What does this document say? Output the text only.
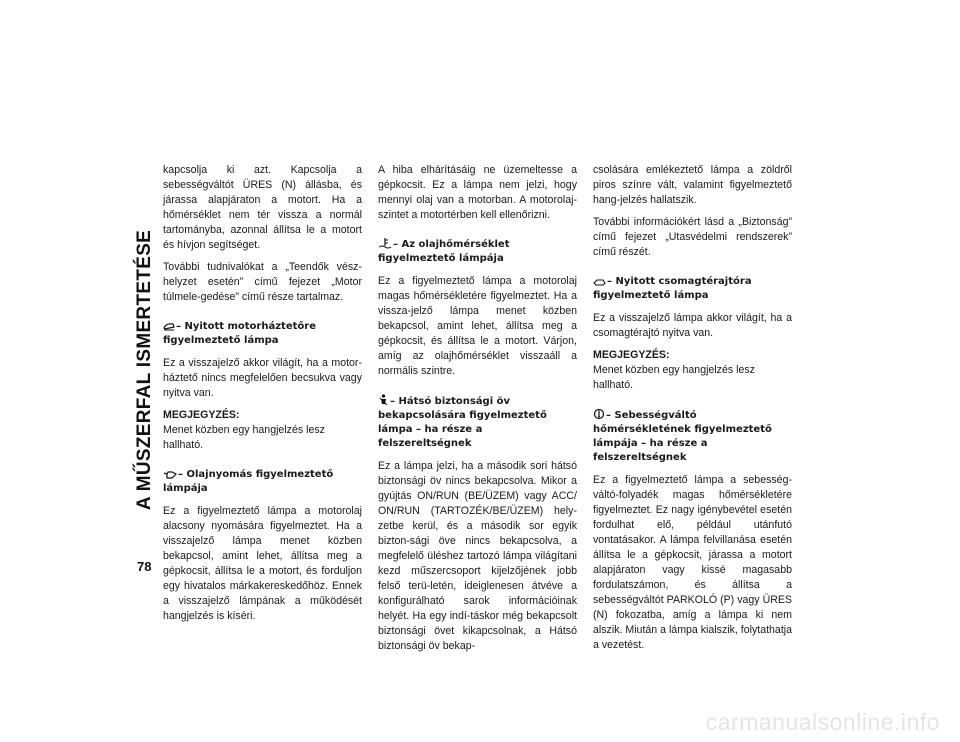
A MŰSZERFAL ISMERTETÉSE
78

kapcsolja ki azt. Kapcsolja a sebességváltót ÜRES (N) állásba, és járassa alapjáraton a motort. Ha a hőmérséklet nem tér vissza a normál tartományba, azonnal állítsa le a motort és hívjon segítséget.

További tudnivalókat a „Teendők vész-helyzet esetén” című fejezet „Motor túlmele-gedése” című része tartalmaz.

– Nyitott motorháztetőre figyelmeztető lámpa

Ez a visszajelző akkor világít, ha a motor-háztető nincs megfelelően becsukva vagy nyitva van.

MEGJEGYZÉS:

Menet közben egy hangjelzés lesz hallható.

– Olajnyomás figyelmeztető lámpája

Ez a figyelmeztető lámpa a motorolaj alacsony nyomására figyelmeztet. Ha a visszajelző lámpa menet közben bekapcsol, amint lehet, állítsa meg a gépkocsit, állítsa le a motort, és forduljon egy hivatalos márkakereskedőhöz. Ennek a visszajelző lámpának a működését hangjelzés is kíséri.

A hiba elhárításáig ne üzemeltesse a gépkocsit. Ez a lámpa nem jelzi, hogy mennyi olaj van a motorban. A motorolaj-szintet a motortérben kell ellenőrizni.

– Az olajhőmérséklet figyelmeztető lámpája

Ez a figyelmeztető lámpa a motorolaj magas hőmérsékletére figyelmeztet. Ha a vissza-jelző lámpa menet közben bekapcsol, amint lehet, állítsa meg a gépkocsit, és állítsa le a motort. Várjon, amíg az olajhőmérséklet visszaáll a normális szintre.

– Hátsó biztonsági öv bekapcsolására figyelmeztető lámpa – ha része a felszereltségnek

Ez a lámpa jelzi, ha a második sori hátsó biztonsági öv nincs bekapcsolva. Mikor a gyújtás ON/RUN (BE/ÜZEM) vagy ACC/ ON/RUN (TARTOZÉK/BE/ÜZEM) hely-zetbe kerül, és a második sor egyik bizton-sági öve nincs bekapcsolva, a megfelelő üléshez tartozó lámpa világítani kezd műszercsoport kijelzőjének jobb felső terü-letén, ideiglenesen átvéve a konfigurálható sarok információinak helyét. Ha egy indí-táskor még bekapcsolt biztonsági övet kikapcsolnak, a Hátsó biztonsági öv bekap-

csolására emlékeztető lámpa a zöldről piros színre vált, valamint figyelmeztető hang-jelzés hallatszik.

További információkért lásd a „Biztonság” című fejezet „Utasvédelmi rendszerek” című részét.

– Nyitott csomagtérajtóra figyelmeztető lámpa

Ez a visszajelző lámpa akkor világít, ha a csomagtérajtó nyitva van.

MEGJEGYZÉS:

Menet közben egy hangjelzés lesz hallható.

– Sebességváltó hőmérsékletének figyelmeztető lámpája – ha része a felszereltségnek

Ez a figyelmeztető lámpa a sebesség-váltó-folyadék magas hőmérsékletére figyelmeztet. Ez nagy igénybevétel esetén fordulhat elő, például utánfutó vontatásakor. A lámpa felvillanása esetén állítsa le a gépkocsit, járassa a motort alapjáraton vagy kissé magasabb fordulatszámon, és állítsa a sebességváltót PARKOLÓ (P) vagy ÜRES (N) fokozatba, amíg a lámpa ki nem alszik. Miután a lámpa kialszik, folytathatja a vezetést.

carmanualsonline.info
